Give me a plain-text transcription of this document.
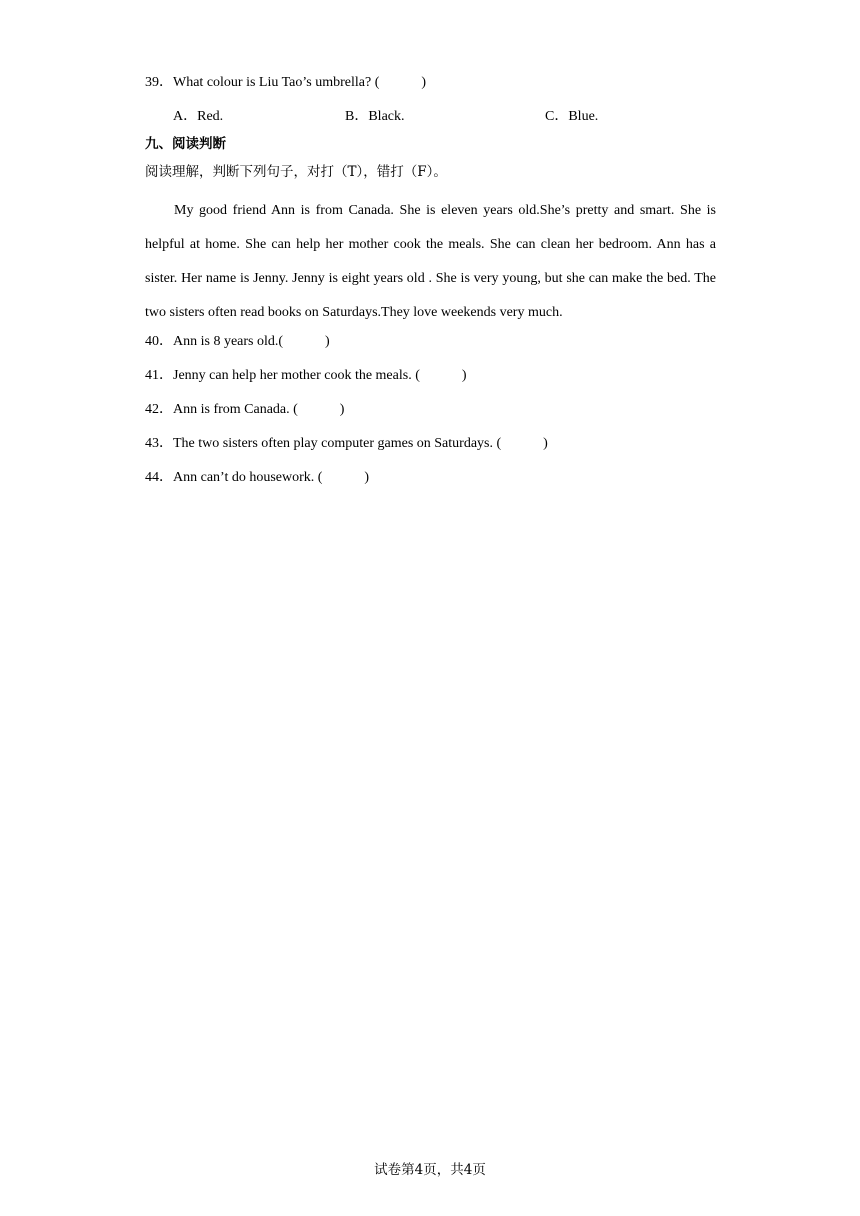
39．What colour is Liu Tao’s umbrella? (　　　)
A．Red.	B．Black.	C．Blue.
九、阅读判断
阅读理解，判断下列句子，对打（T），错打（F）。
My good friend Ann is from Canada. She is eleven years old.She’s pretty and smart. She is helpful at home. She can help her mother cook the meals. She can clean her bedroom. Ann has a sister. Her name is Jenny. Jenny is eight years old . She is very young, but she can make the bed. The two sisters often read books on Saturdays.They love weekends very much.
40．Ann is 8 years old.(　　　)
41．Jenny can help her mother cook the meals. (　　　)
42．Ann is from Canada. (　　　)
43．The two sisters often play computer games on Saturdays. (　　　)
44．Ann can’t do housework. (　　　)
试卷第4页，共4页
